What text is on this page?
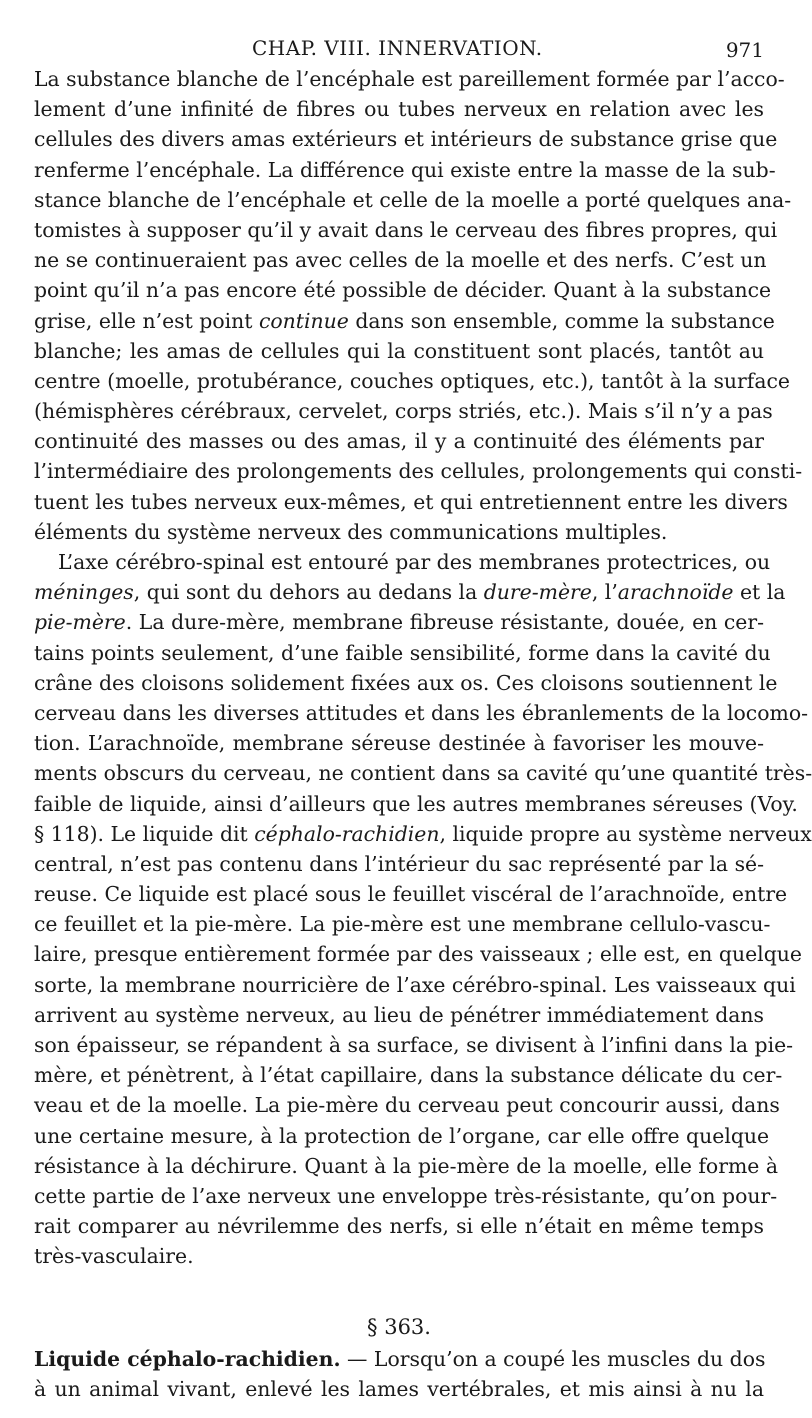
CHAP. VIII. INNERVATION.	971
La substance blanche de l’encéphale est pareillement formée par l’acco-
lement d’une infinité de fibres ou tubes nerveux en relation avec les
cellules des divers amas extérieurs et intérieurs de substance grise que
renferme l’encéphale. La différence qui existe entre la masse de la sub-
stance blanche de l’encéphale et celle de la moelle a porté quelques ana-
tomistes à supposer qu’il y avait dans le cerveau des fibres propres, qui
ne se continueraient pas avec celles de la moelle et des nerfs. C’est un
point qu’il n’a pas encore été possible de décider. Quant à la substance
grise, elle n’est point continue dans son ensemble, comme la substance
blanche; les amas de cellules qui la constituent sont placés, tantôt au
centre (moelle, protubérance, couches optiques, etc.), tantôt à la surface
(hémisphères cérébraux, cervelet, corps striés, etc.). Mais s’il n’y a pas
continuité des masses ou des amas, il y a continuité des éléments par
l’intermédiaire des prolongements des cellules, prolongements qui consti-
tuent les tubes nerveux eux-mêmes, et qui entretiennent entre les divers
éléments du système nerveux des communications multiples.
L’axe cérébro-spinal est entouré par des membranes protectrices, ou
méninges, qui sont du dehors au dedans la dure-mère, l’arachnoïde et la
pie-mère. La dure-mère, membrane fibreuse résistante, douée, en cer-
tains points seulement, d’une faible sensibilité, forme dans la cavité du
crâne des cloisons solidement fixées aux os. Ces cloisons soutiennent le
cerveau dans les diverses attitudes et dans les ébranlements de la locomo-
tion. L’arachnoïde, membrane séreuse destinée à favoriser les mouve-
ments obscurs du cerveau, ne contient dans sa cavité qu’une quantité très-
faible de liquide, ainsi d’ailleurs que les autres membranes séreuses (Voy.
§ 118). Le liquide dit céphalo-rachidien, liquide propre au système nerveux
central, n’est pas contenu dans l’intérieur du sac représenté par la sé-
reuse. Ce liquide est placé sous le feuillet viscéral de l’arachnoïde, entre
ce feuillet et la pie-mère. La pie-mère est une membrane cellulo-vascu-
laire, presque entièrement formée par des vaisseaux ; elle est, en quelque
sorte, la membrane nourricière de l’axe cérébro-spinal. Les vaisseaux qui
arrivent au système nerveux, au lieu de pénétrer immédiatement dans
son épaisseur, se répandent à sa surface, se divisent à l’infini dans la pie-
mère, et pénètrent, à l’état capillaire, dans la substance délicate du cer-
veau et de la moelle. La pie-mère du cerveau peut concourir aussi, dans
une certaine mesure, à la protection de l’organe, car elle offre quelque
résistance à la déchirure. Quant à la pie-mère de la moelle, elle forme à
cette partie de l’axe nerveux une enveloppe très-résistante, qu’on pour-
rait comparer au névrilemme des nerfs, si elle n’était en même temps
très-vasculaire.
§ 363.
Liquide céphalo-rachidien. — Lorsqu’on a coupé les muscles du dos
à un animal vivant, enlevé les lames vertébrales, et mis ainsi à nu la
